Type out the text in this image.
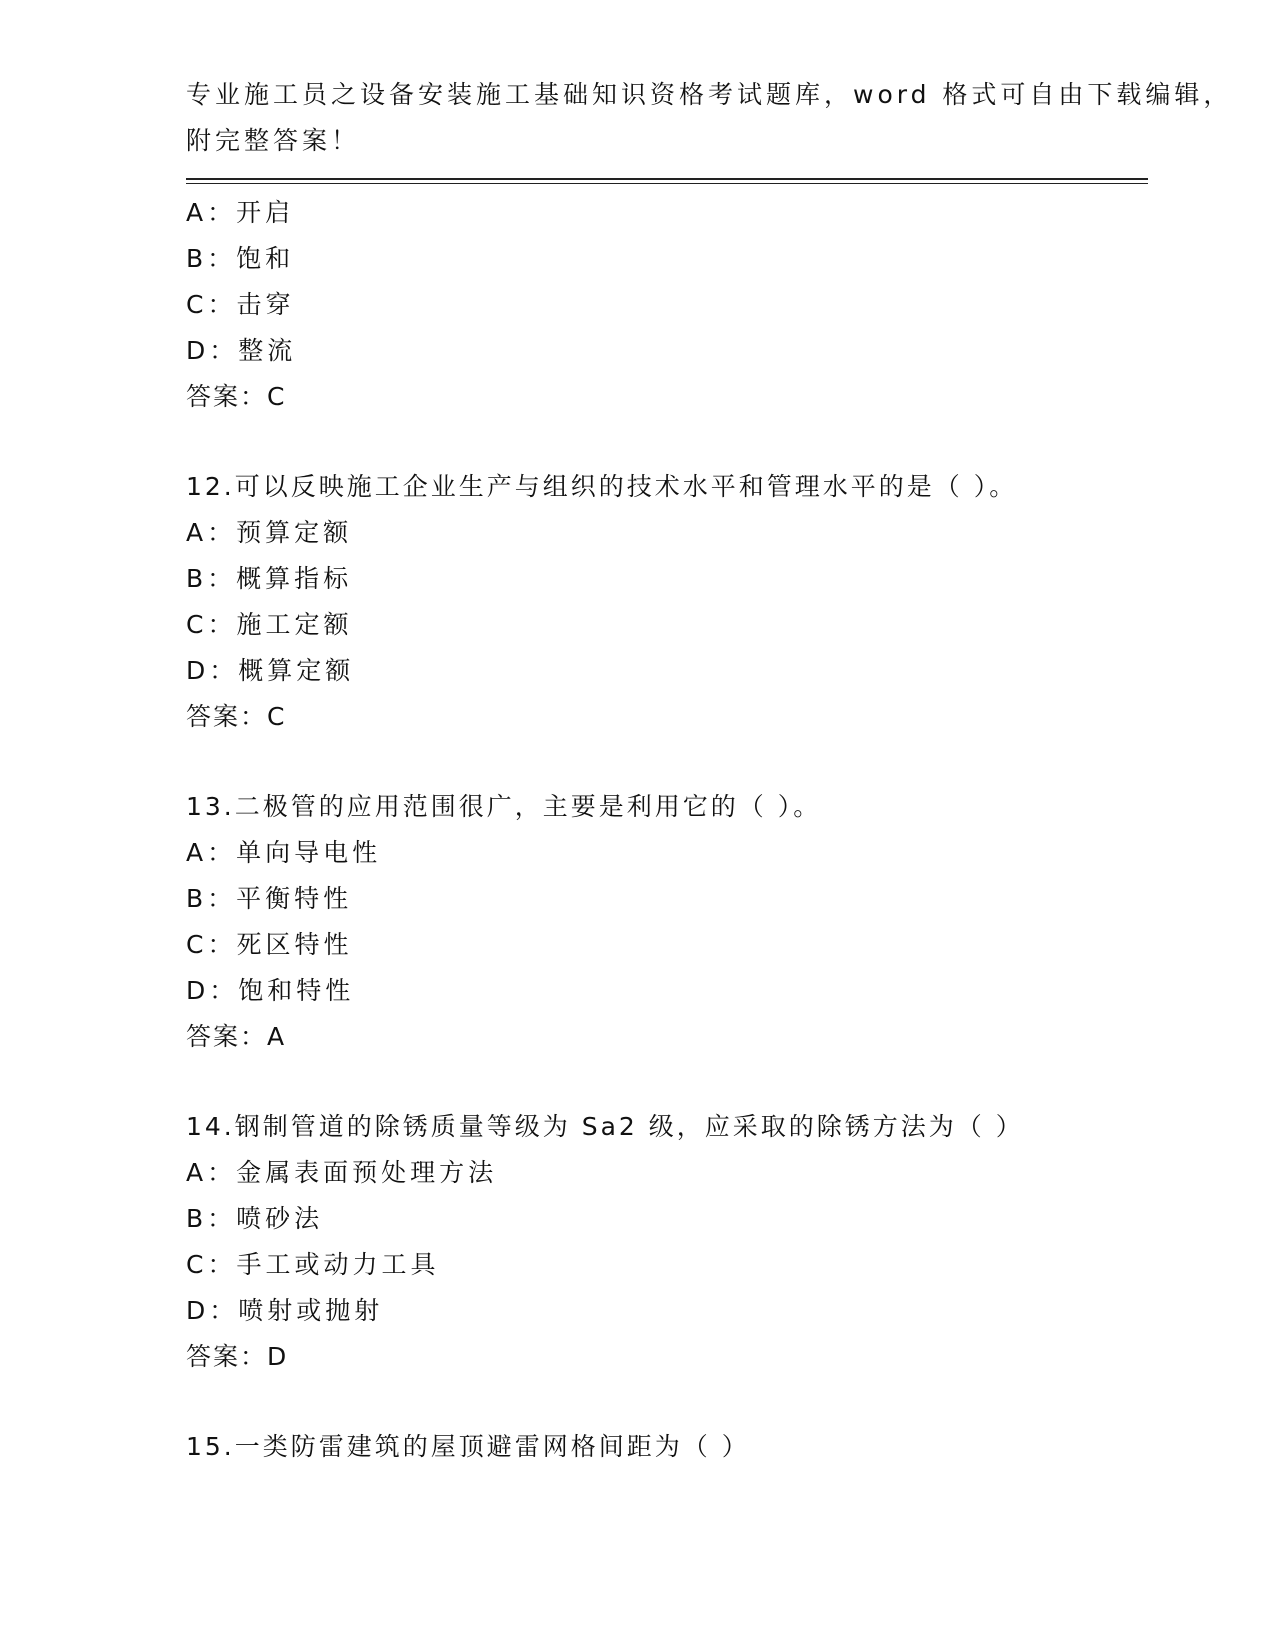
专业施工员之设备安装施工基础知识资格考试题库，word 格式可自由下载编辑，
附完整答案！
A：开启
B：饱和
C：击穿
D：整流
答案：C
12.可以反映施工企业生产与组织的技术水平和管理水平的是（ ）。
A：预算定额
B：概算指标
C：施工定额
D：概算定额
答案：C
13.二极管的应用范围很广，主要是利用它的（ ）。
A：单向导电性
B：平衡特性
C：死区特性
D：饱和特性
答案：A
14.钢制管道的除锈质量等级为 Sa2 级，应采取的除锈方法为（ ）
A：金属表面预处理方法
B：喷砂法
C：手工或动力工具
D：喷射或抛射
答案：D
15.一类防雷建筑的屋顶避雷网格间距为（ ）
